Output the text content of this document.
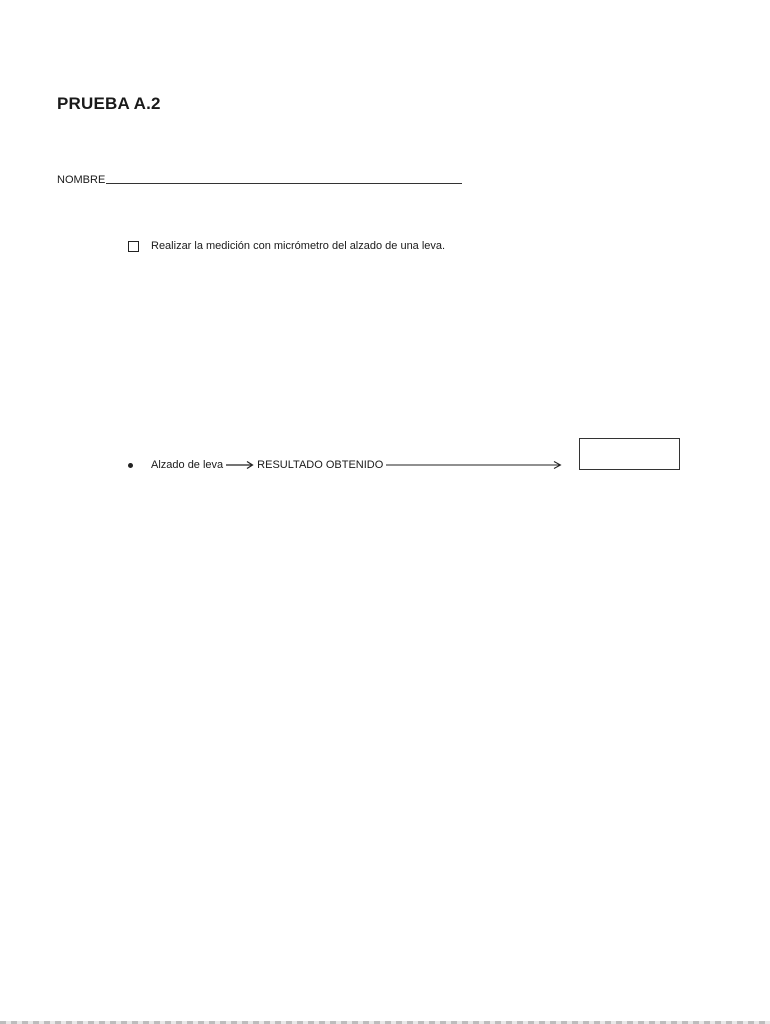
PRUEBA A.2
NOMBRE
Realizar la medición con micrómetro del alzado de una leva.
Alzado de leva	RESULTADO OBTENIDO
